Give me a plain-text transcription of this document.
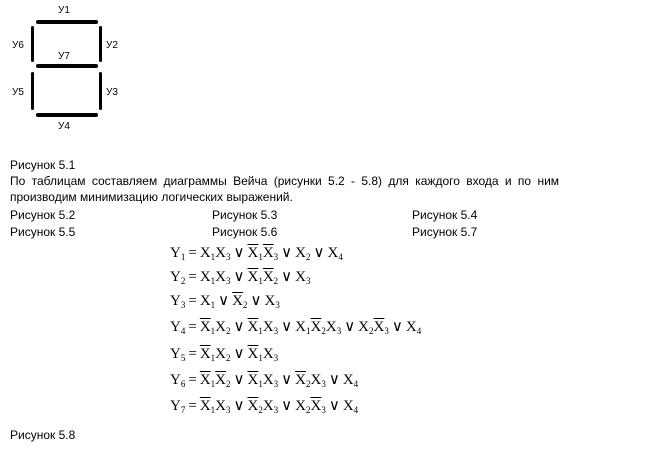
У1
У6	У2
У7
У5	У3
У4
Рисунок 5.1
По таблицам составляем диаграммы Вейча (рисунки 5.2 - 5.8) для каждого входа и по ним
производим минимизацию логических выражений.
Рисунок 5.2	Рисунок 5.3	Рисунок 5.4
Рисунок 5.5	Рисунок 5.6	Рисунок 5.7
$Y_1 = X_1X_3$ ∨ $\overline{X}_1\overline{X}_3$ ∨ $X_2$ ∨ $X_4$
$Y_2 = X_1X_3$ ∨ $\overline{X}_1\overline{X}_2$ ∨ $X_3$
$Y_3 = X_1$ ∨ $\overline{X}_2$ ∨ $X_3$
$Y_4 = \overline{X}_1X_2$ ∨ $\overline{X}_1X_3$ ∨ $X_1\overline{X}_2X_3$ ∨ $X_2\overline{X}_3$ ∨ $X_4$
$Y_5 = \overline{X}_1X_2$ ∨ $\overline{X}_1X_3$
$Y_6 = \overline{X}_1\overline{X}_2$ ∨ $\overline{X}_1X_3$ ∨ $\overline{X}_2X_3$ ∨ $X_4$
$Y_7 = \overline{X}_1X_3$ ∨ $\overline{X}_2X_3$ ∨ $X_2\overline{X}_3$ ∨ $X_4$
Рисунок 5.8
